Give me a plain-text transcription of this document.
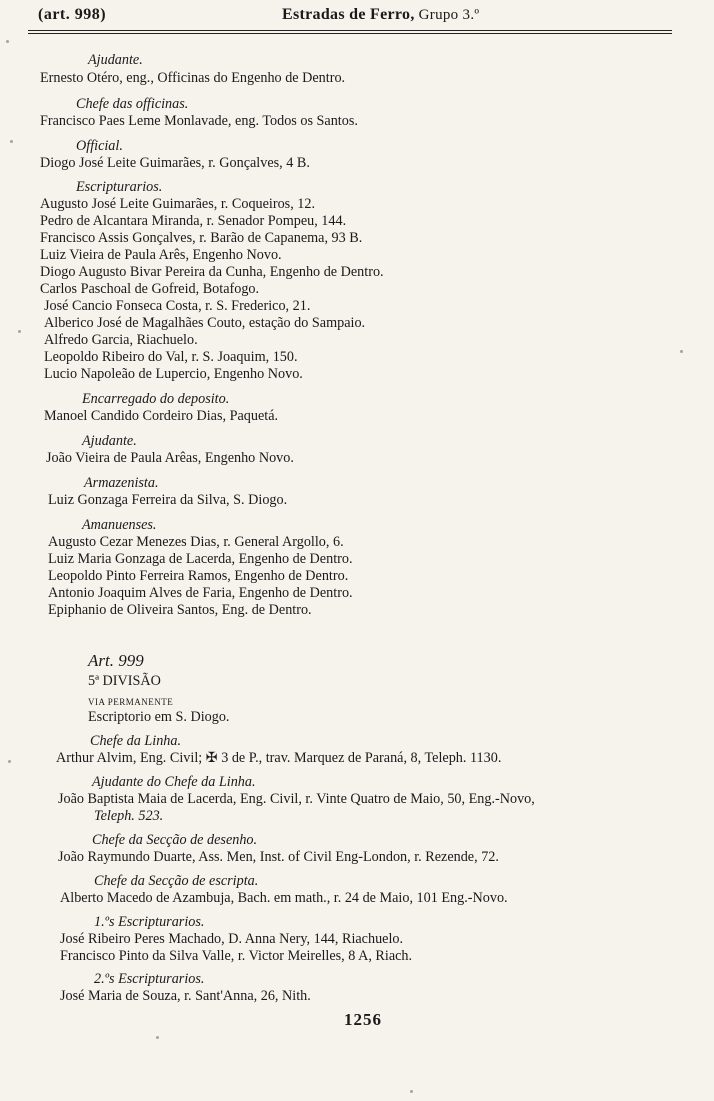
(art. 998)	Estradas de Ferro, Grupo 3.º
Ajudante.
Ernesto Otéro, eng., Officinas do Engenho de Dentro.
Chefe das officinas.
Francisco Paes Leme Monlavade, eng. Todos os Santos.
Official.
Diogo José Leite Guimarães, r. Gonçalves, 4 B.
Escripturarios.
Augusto José Leite Guimarães, r. Coqueiros, 12.
Pedro de Alcantara Miranda, r. Senador Pompeu, 144.
Francisco Assis Gonçalves, r. Barão de Capanema, 93 B.
Luiz Vieira de Paula Arês, Engenho Novo.
Diogo Augusto Bivar Pereira da Cunha, Engenho de Dentro.
Carlos Paschoal de Gofreid, Botafogo.
José Cancio Fonseca Costa, r. S. Frederico, 21.
Alberico José de Magalhães Couto, estação do Sampaio.
Alfredo Garcia, Riachuelo.
Leopoldo Ribeiro do Val, r. S. Joaquim, 150.
Lucio Napoleão de Lupercio, Engenho Novo.
Encarregado do deposito.
Manoel Candido Cordeiro Dias, Paquetá.
Ajudante.
João Vieira de Paula Arêas, Engenho Novo.
Armazenista.
Luiz Gonzaga Ferreira da Silva, S. Diogo.
Amanuenses.
Augusto Cezar Menezes Dias, r. General Argollo, 6.
Luiz Maria Gonzaga de Lacerda, Engenho de Dentro.
Leopoldo Pinto Ferreira Ramos, Engenho de Dentro.
Antonio Joaquim Alves de Faria, Engenho de Dentro.
Epiphanio de Oliveira Santos, Eng. de Dentro.
Art. 999
5ª DIVISÃO
VIA PERMANENTE
Escriptorio em S. Diogo.
Chefe da Linha.
Arthur Alvim, Eng. Civil; ✠ 3 de P., trav. Marquez de Paraná, 8, Teleph. 1130.
Ajudante do Chefe da Linha.
João Baptista Maia de Lacerda, Eng. Civil, r. Vinte Quatro de Maio, 50, Eng.-Novo,
Teleph. 523.
Chefe da Secção de desenho.
João Raymundo Duarte, Ass. Men, Inst. of Civil Eng-London, r. Rezende, 72.
Chefe da Secção de escripta.
Alberto Macedo de Azambuja, Bach. em math., r. 24 de Maio, 101 Eng.-Novo.
1.ºs Escripturarios.
José Ribeiro Peres Machado, D. Anna Nery, 144, Riachuelo.
Francisco Pinto da Silva Valle, r. Victor Meirelles, 8 A, Riach.
2.ºs Escripturarios.
José Maria de Souza, r. Sant'Anna, 26, Nith.
1256
